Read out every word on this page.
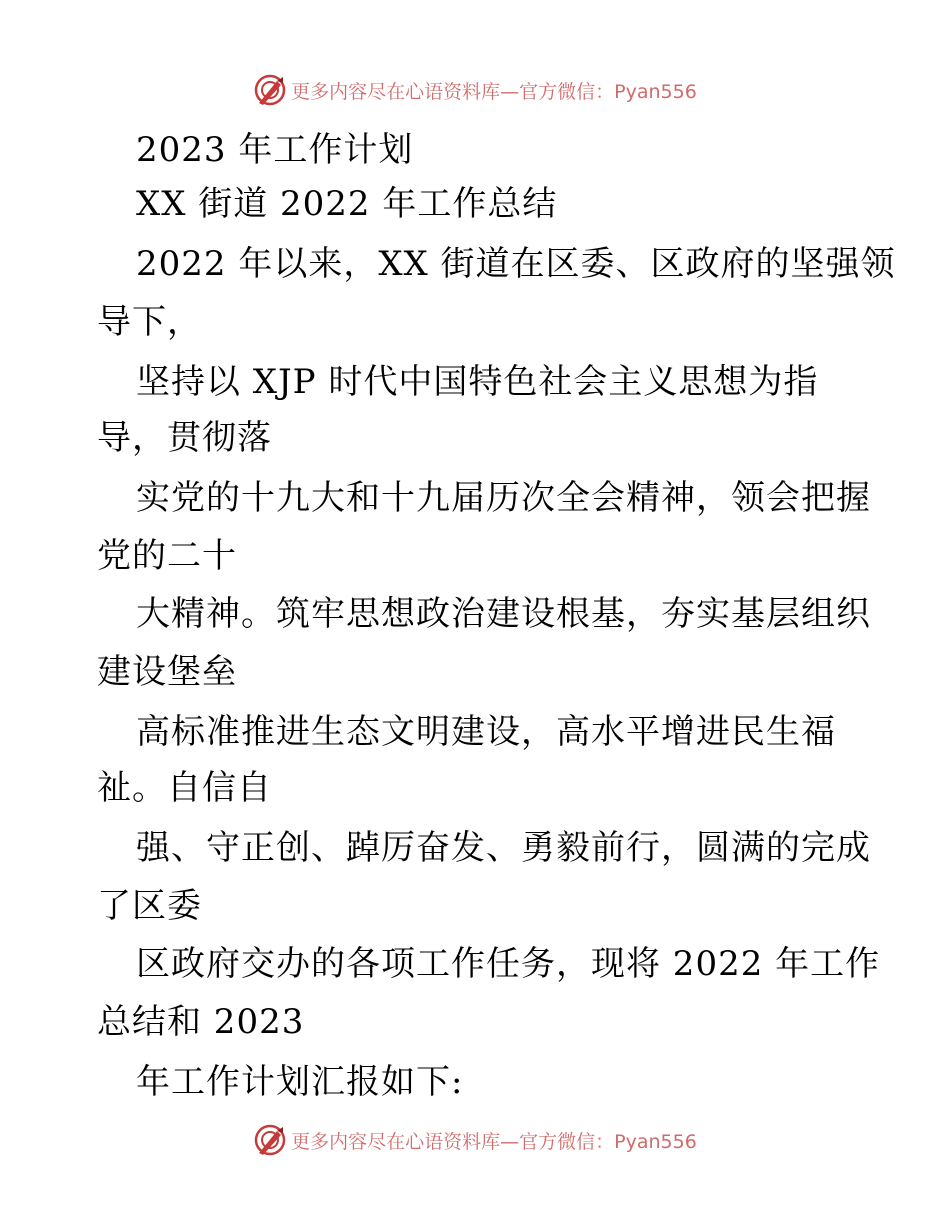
更多内容尽在心语资料库—官方微信：Pyan556
2023 年工作计划
XX 街道 2022 年工作总结
2022 年以来，XX 街道在区委、区政府的坚强领
导下，
坚持以 XJP 时代中国特色社会主义思想为指
导，贯彻落
实党的十九大和十九届历次全会精神，领会把握
党的二十
大精神。筑牢思想政治建设根基，夯实基层组织
建设堡垒
高标准推进生态文明建设，高水平增进民生福
祉。自信自
强、守正创、踔厉奋发、勇毅前行，圆满的完成
了区委
区政府交办的各项工作任务，现将 2022 年工作
总结和 2023
年工作计划汇报如下:
更多内容尽在心语资料库—官方微信：Pyan556
